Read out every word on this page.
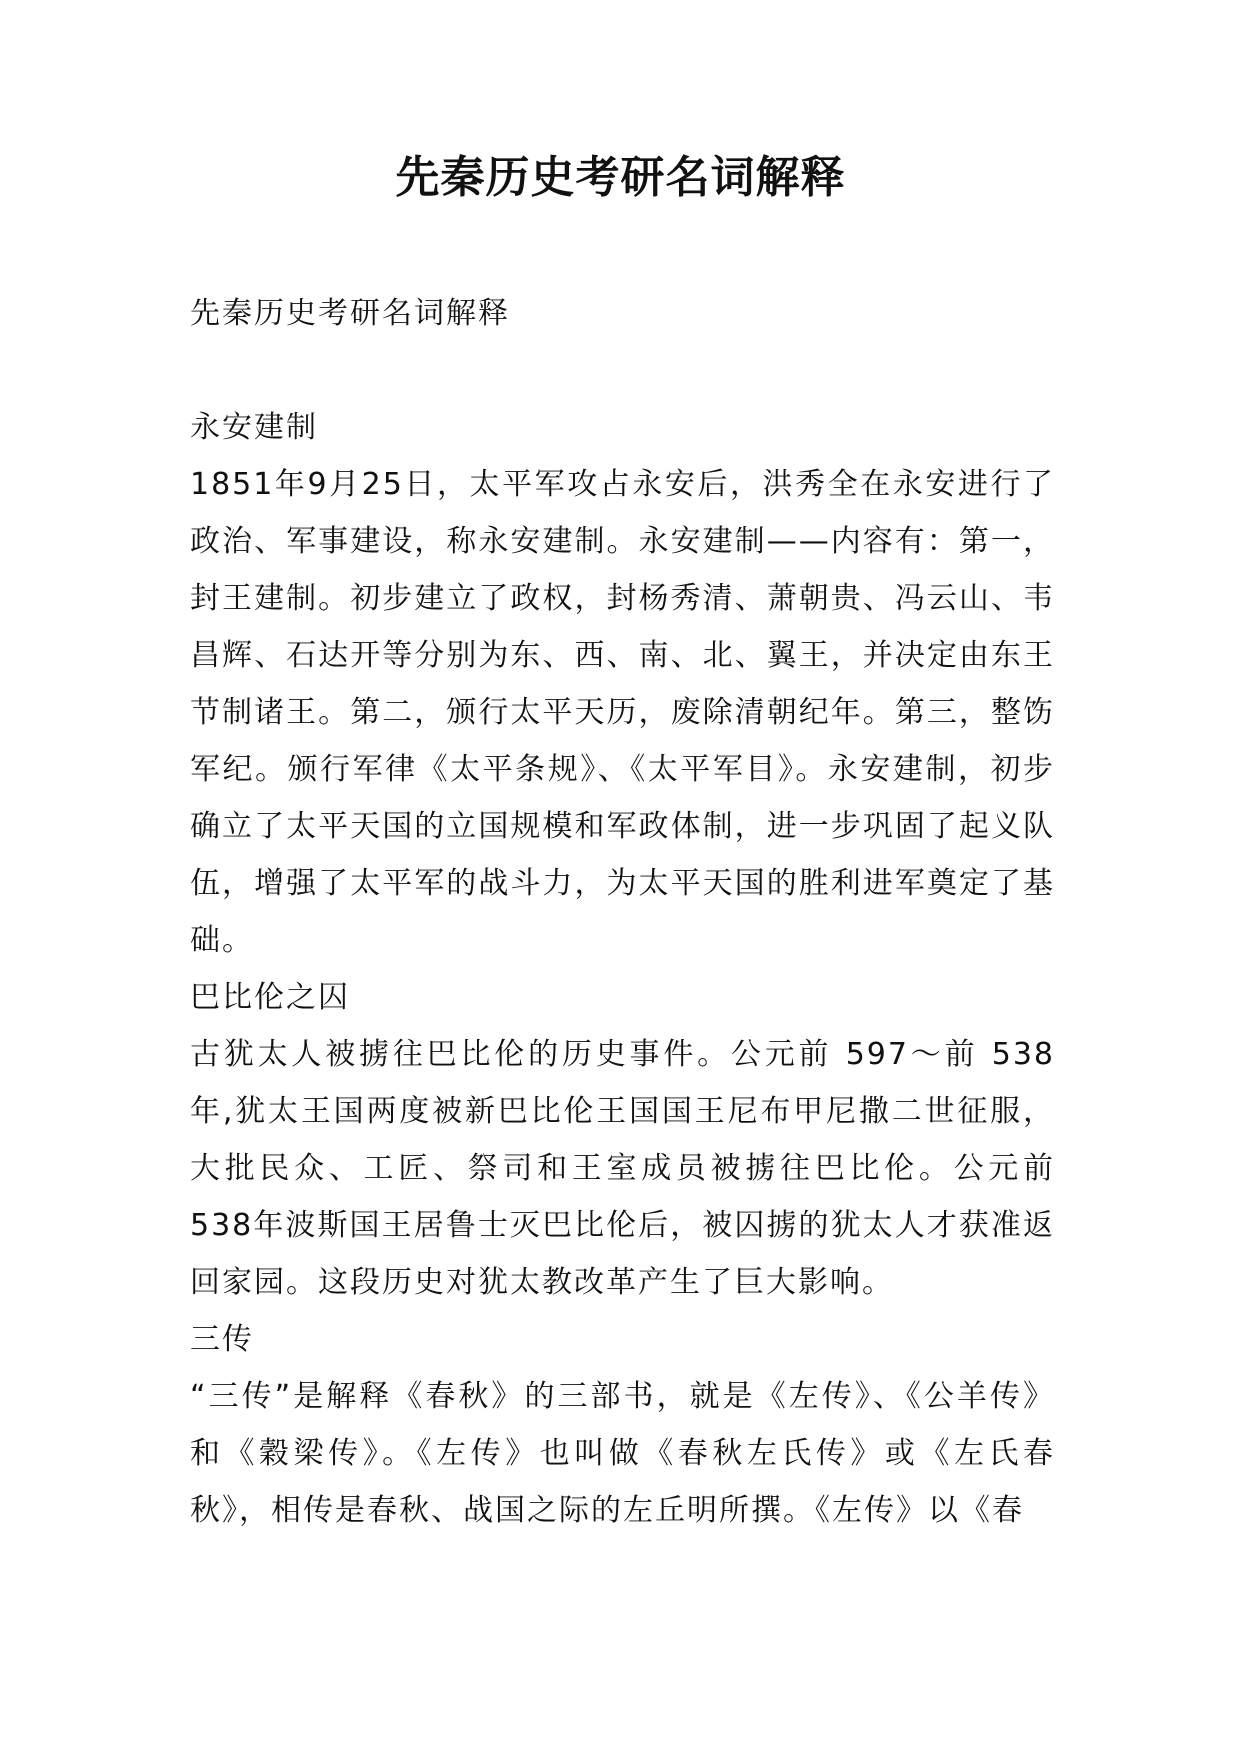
先秦历史考研名词解释

先秦历史考研名词解释

永安建制

1851年9月25日，太平军攻占永安后，洪秀全在永安进行了政治、军事建设，称永安建制。永安建制——内容有：第一，封王建制。初步建立了政权，封杨秀清、萧朝贵、冯云山、韦昌辉、石达开等分别为东、西、南、北、翼王，并决定由东王节制诸王。第二，颁行太平天历，废除清朝纪年。第三，整饬军纪。颁行军律《太平条规》、《太平军目》。永安建制，初步确立了太平天国的立国规模和军政体制，进一步巩固了起义队伍，增强了太平军的战斗力，为太平天国的胜利进军奠定了基础。

巴比伦之囚

古犹太人被掳往巴比伦的历史事件。公元前 597～前 538年,犹太王国两度被新巴比伦王国国王尼布甲尼撒二世征服，大批民众、工匠、祭司和王室成员被掳往巴比伦。公元前 538年波斯国王居鲁士灭巴比伦后，被囚掳的犹太人才获准返回家园。这段历史对犹太教改革产生了巨大影响。

三传

“三传”是解释《春秋》的三部书，就是《左传》、《公羊传》和《穀梁传》。《左传》也叫做《春秋左氏传》或《左氏春秋》，相传是春秋、战国之际的左丘明所撰。《左传》以《春
